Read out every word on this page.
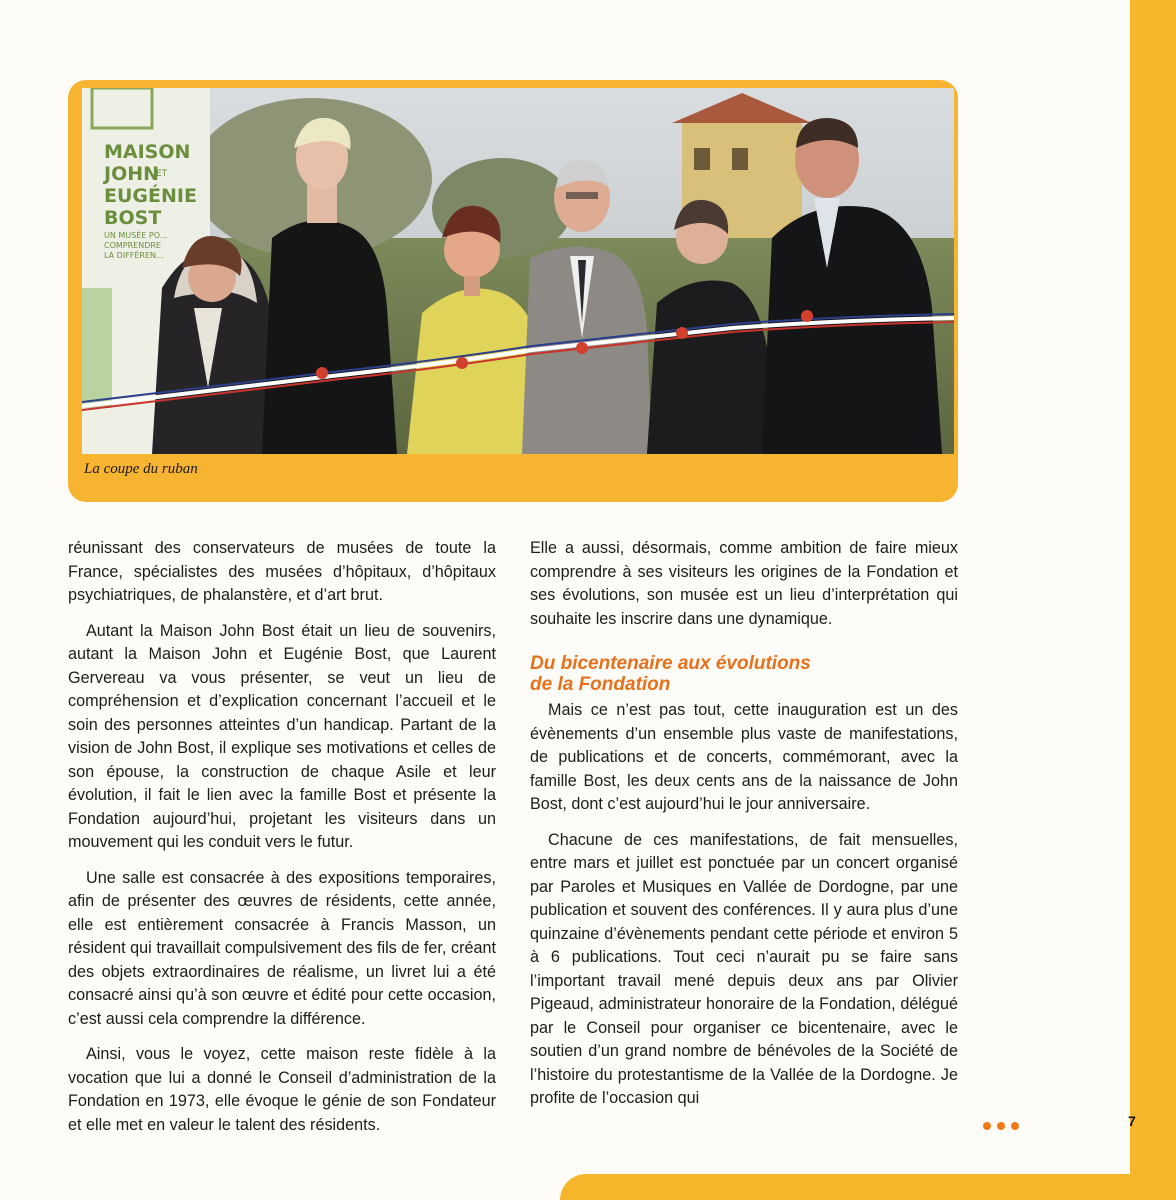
MAISON
JOHN
ET
EUGÉNIE
BOST
UN MUSÉE PO...
COMPRENDRE
LA DIFFÉREN...
La coupe du ruban

réunissant des conservateurs de musées de toute la France, spécialistes des musées d’hôpitaux, d’hôpitaux psychiatriques, de phalanstère, et d’art brut.

Autant la Maison John Bost était un lieu de souvenirs, autant la Maison John et Eugénie Bost, que Laurent Gervereau va vous présenter, se veut un lieu de compréhension et d’explication concernant l’accueil et le soin des personnes atteintes d’un handicap. Partant de la vision de John Bost, il explique ses motivations et celles de son épouse, la construction de chaque Asile et leur évolution, il fait le lien avec la famille Bost et présente la Fondation aujourd’hui, projetant les visiteurs dans un mouvement qui les conduit vers le futur.

Une salle est consacrée à des expositions temporaires, afin de présenter des œuvres de résidents, cette année, elle est entièrement consacrée à Francis Masson, un résident qui travaillait compulsivement des fils de fer, créant des objets extraordinaires de réalisme, un livret lui a été consacré ainsi qu’à son œuvre et édité pour cette occasion, c’est aussi cela comprendre la différence.

Ainsi, vous le voyez, cette maison reste fidèle à la vocation que lui a donné le Conseil d’administration de la Fondation en 1973, elle évoque le génie de son Fondateur et elle met en valeur le talent des résidents.

Elle a aussi, désormais, comme ambition de faire mieux comprendre à ses visiteurs les origines de la Fondation et ses évolutions, son musée est un lieu d’interprétation qui souhaite les inscrire dans une dynamique.

Du bicentenaire aux évolutions
de la Fondation

Mais ce n’est pas tout, cette inauguration est un des évènements d’un ensemble plus vaste de manifestations, de publications et de concerts, commémorant, avec la famille Bost, les deux cents ans de la naissance de John Bost, dont c’est aujourd’hui le jour anniversaire.

Chacune de ces manifestations, de fait mensuelles, entre mars et juillet est ponctuée par un concert organisé par Paroles et Musiques en Vallée de Dordogne, par une publication et souvent des conférences. Il y aura plus d’une quinzaine d’évènements pendant cette période et environ 5 à 6 publications. Tout ceci n’aurait pu se faire sans l’important travail mené depuis deux ans par Olivier Pigeaud, administrateur honoraire de la Fondation, délégué par le Conseil pour organiser ce bicentenaire, avec le soutien d’un grand nombre de bénévoles de la Société de l’histoire du protestantisme de la Vallée de la Dordogne. Je profite de l’occasion qui

7
